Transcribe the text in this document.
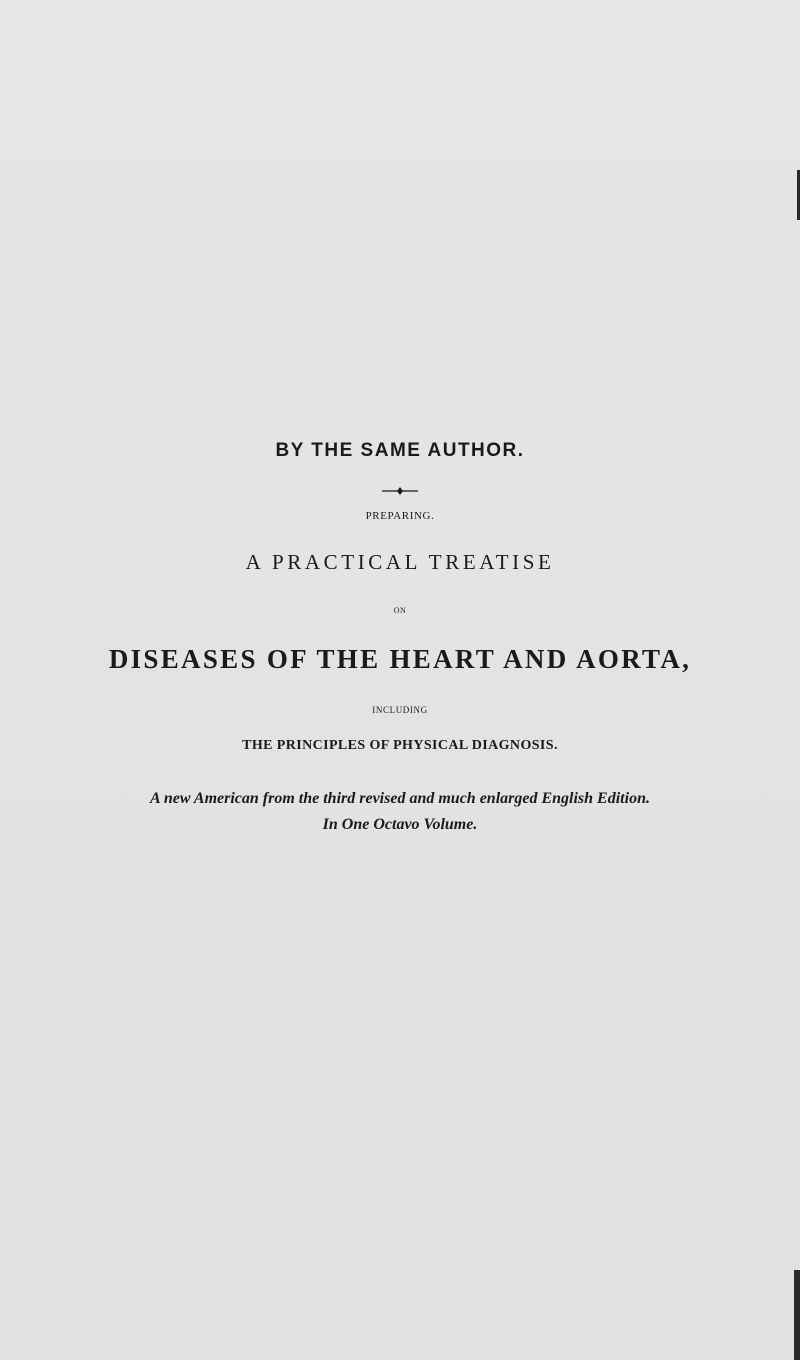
BY THE SAME AUTHOR.
PREPARING.
A PRACTICAL TREATISE
ON
DISEASES OF THE HEART AND AORTA,
INCLUDING
THE PRINCIPLES OF PHYSICAL DIAGNOSIS.
A new American from the third revised and much enlarged English Edition.
In One Octavo Volume.
